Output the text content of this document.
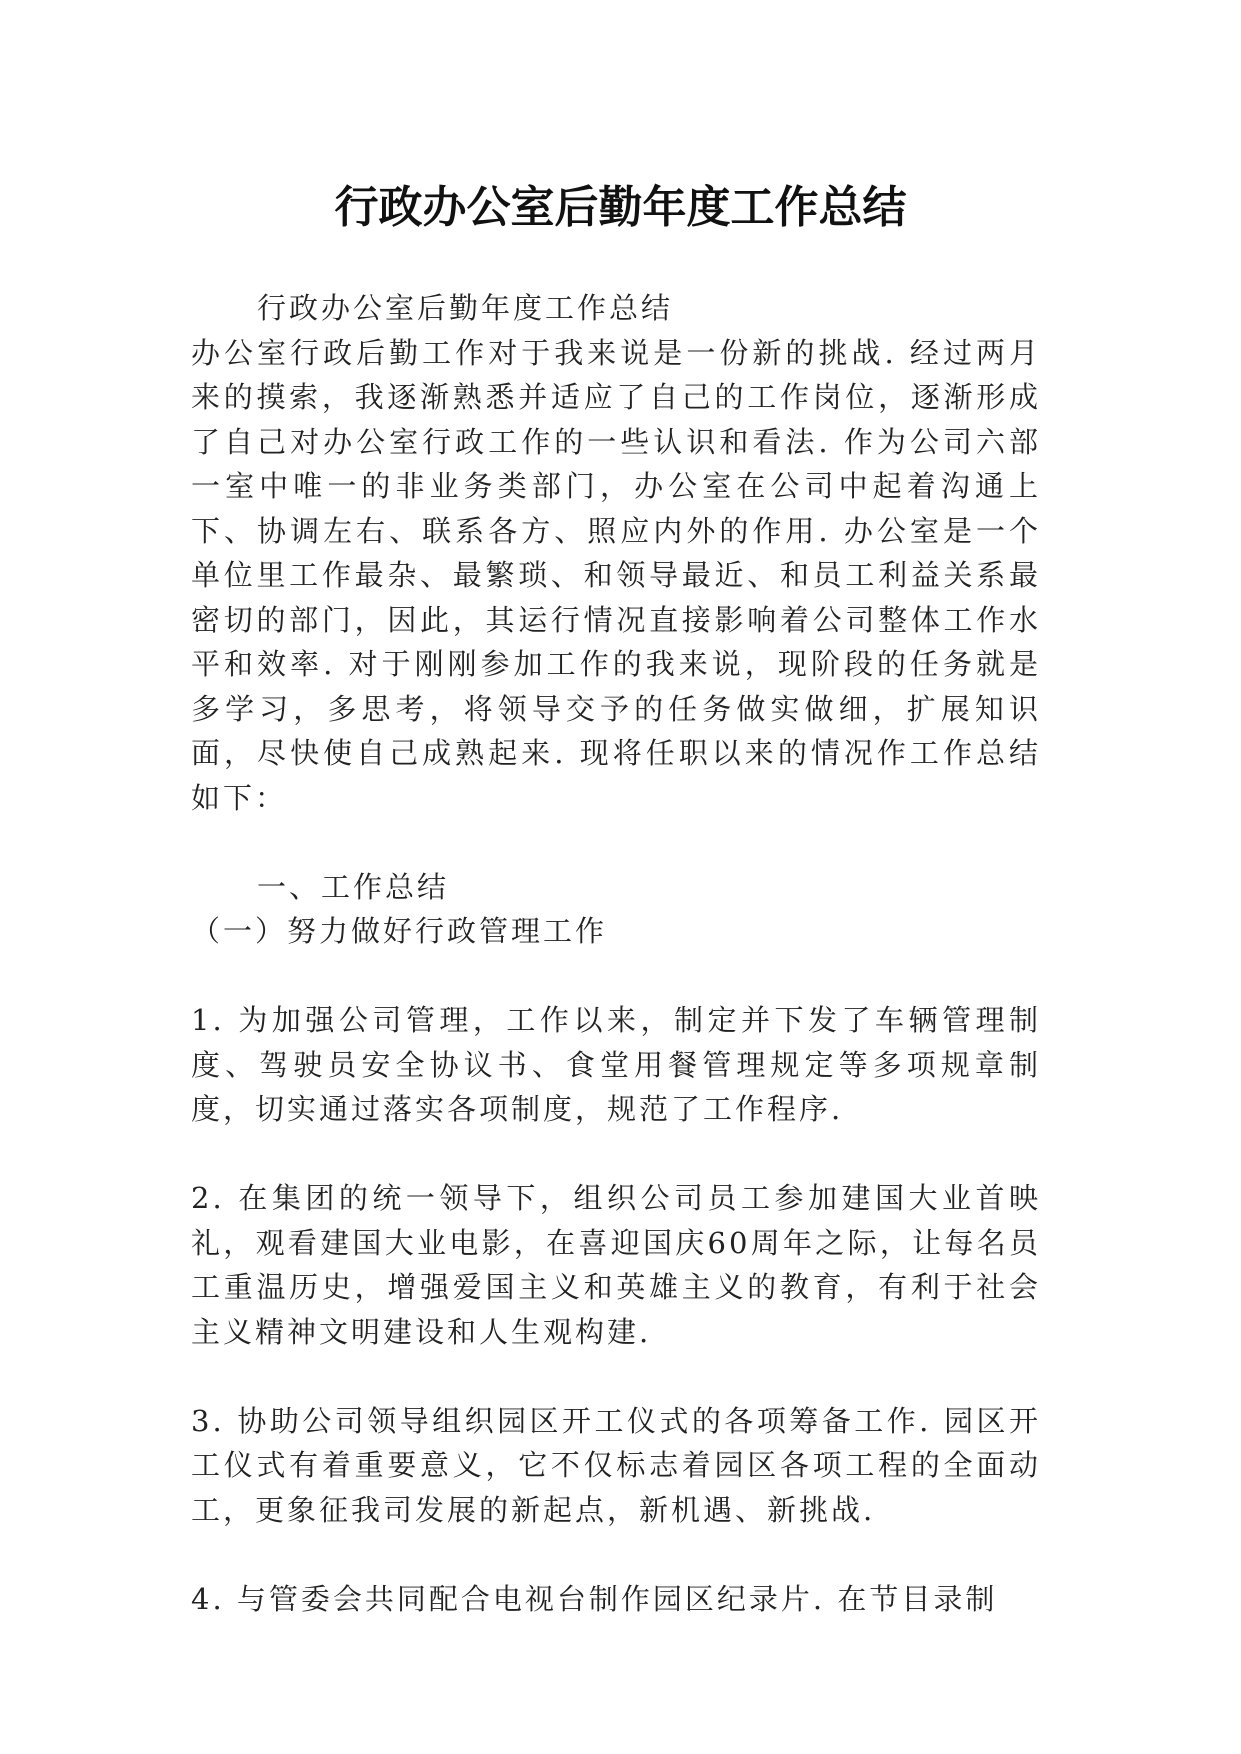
行政办公室后勤年度工作总结

行政办公室后勤年度工作总结

办公室行政后勤工作对于我来说是一份新的挑战. 经过两月来的摸索，我逐渐熟悉并适应了自己的工作岗位，逐渐形成了自己对办公室行政工作的一些认识和看法. 作为公司六部一室中唯一的非业务类部门，办公室在公司中起着沟通上下、协调左右、联系各方、照应内外的作用. 办公室是一个单位里工作最杂、最繁琐、和领导最近、和员工利益关系最密切的部门，因此，其运行情况直接影响着公司整体工作水平和效率. 对于刚刚参加工作的我来说，现阶段的任务就是多学习，多思考，将领导交予的任务做实做细，扩展知识面，尽快使自己成熟起来. 现将任职以来的情况作工作总结如下：

一、工作总结

（一）努力做好行政管理工作

1. 为加强公司管理，工作以来，制定并下发了车辆管理制度、驾驶员安全协议书、食堂用餐管理规定等多项规章制度，切实通过落实各项制度，规范了工作程序.

2. 在集团的统一领导下，组织公司员工参加建国大业首映礼，观看建国大业电影，在喜迎国庆60周年之际，让每名员工重温历史，增强爱国主义和英雄主义的教育，有利于社会主义精神文明建设和人生观构建.

3. 协助公司领导组织园区开工仪式的各项筹备工作. 园区开工仪式有着重要意义，它不仅标志着园区各项工程的全面动工，更象征我司发展的新起点，新机遇、新挑战.

4. 与管委会共同配合电视台制作园区纪录片. 在节目录制
